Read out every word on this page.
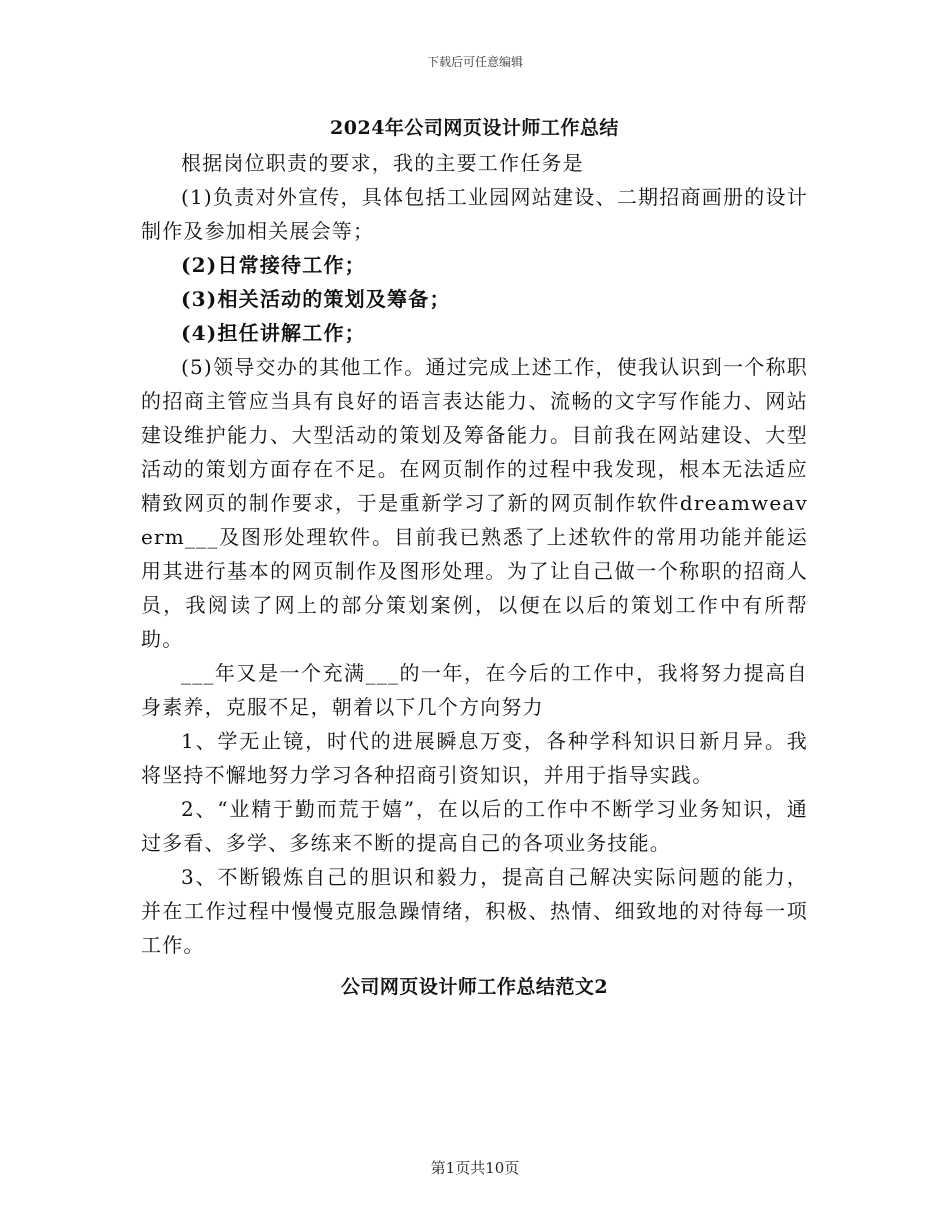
下载后可任意编辑
2024年公司网页设计师工作总结

根据岗位职责的要求，我的主要工作任务是

(1)负责对外宣传，具体包括工业园网站建设、二期招商画册的设计制作及参加相关展会等；

(2)日常接待工作；

(3)相关活动的策划及筹备；

(4)担任讲解工作；

(5)领导交办的其他工作。通过完成上述工作，使我认识到一个称职的招商主管应当具有良好的语言表达能力、流畅的文字写作能力、网站建设维护能力、大型活动的策划及筹备能力。目前我在网站建设、大型活动的策划方面存在不足。在网页制作的过程中我发现，根本无法适应精致网页的制作要求，于是重新学习了新的网页制作软件dreamweaverm___及图形处理软件。目前我已熟悉了上述软件的常用功能并能运用其进行基本的网页制作及图形处理。为了让自己做一个称职的招商人员，我阅读了网上的部分策划案例，以便在以后的策划工作中有所帮助。

___年又是一个充满___的一年，在今后的工作中，我将努力提高自身素养，克服不足，朝着以下几个方向努力

1、学无止镜，时代的进展瞬息万变，各种学科知识日新月异。我将坚持不懈地努力学习各种招商引资知识，并用于指导实践。

2、“业精于勤而荒于嬉”，在以后的工作中不断学习业务知识，通过多看、多学、多练来不断的提高自己的各项业务技能。

3、不断锻炼自己的胆识和毅力，提高自己解决实际问题的能力，并在工作过程中慢慢克服急躁情绪，积极、热情、细致地的对待每一项工作。

公司网页设计师工作总结范文2
第1页共10页
